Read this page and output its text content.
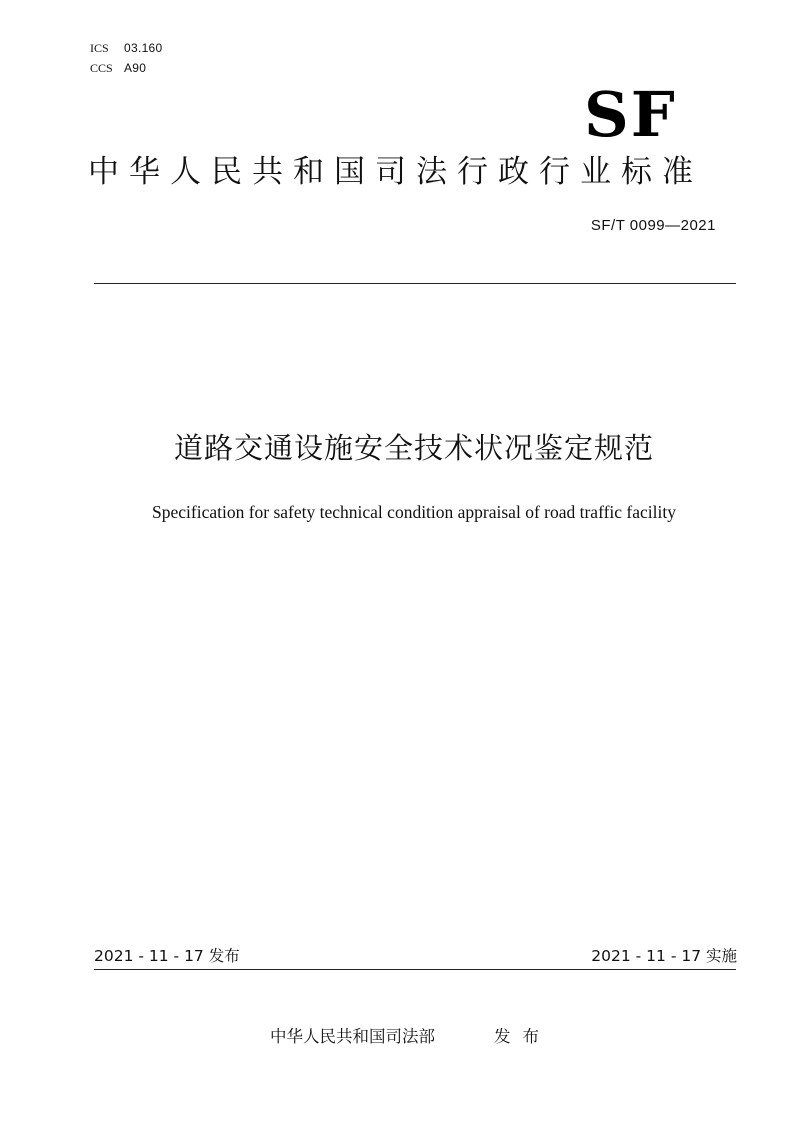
ICS	03.160
CCS A90
SF
中华人民共和国司法行政行业标准
SF/T 0099—2021
道路交通设施安全技术状况鉴定规范
Specification for safety technical condition appraisal of road traffic facility
2021 - 11 - 17 发布	2021 - 11 - 17 实施
中华人民共和国司法部	发布
